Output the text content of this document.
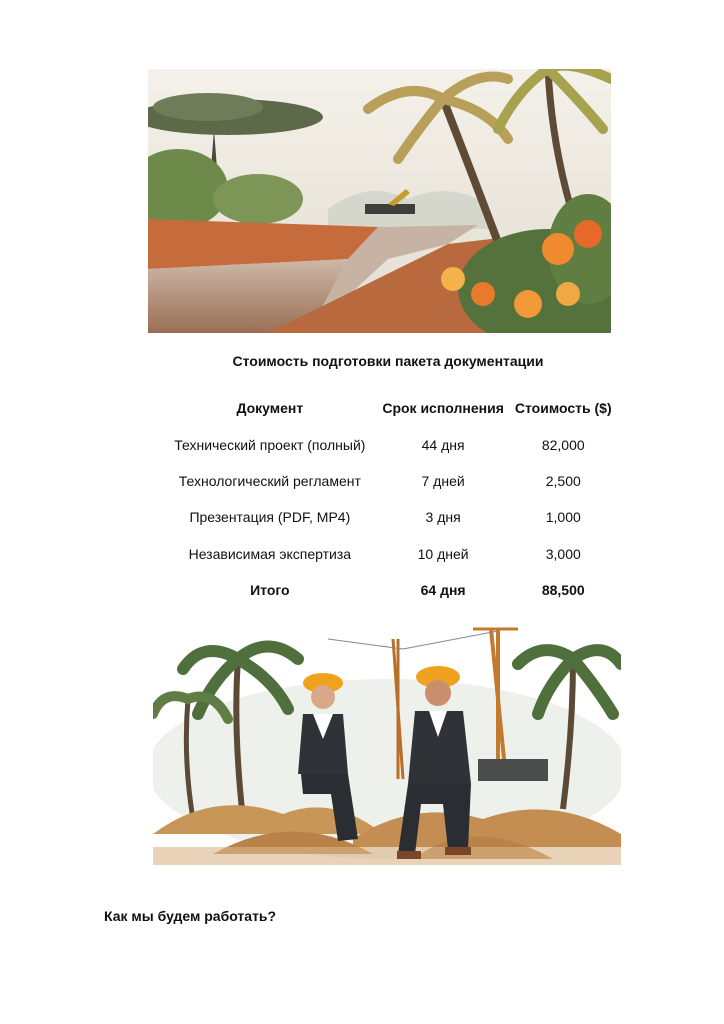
Стоимость подготовки пакета документации
Документ	Срок исполнения	Стоимость ($)
Технический проект (полный)	44 дня	82,000
Технологический регламент	7 дней	2,500
Презентация (PDF, MP4)	3 дня	1,000
Независимая экспертиза	10 дней	3,000
Итого	64 дня	88,500
Как мы будем работать?
